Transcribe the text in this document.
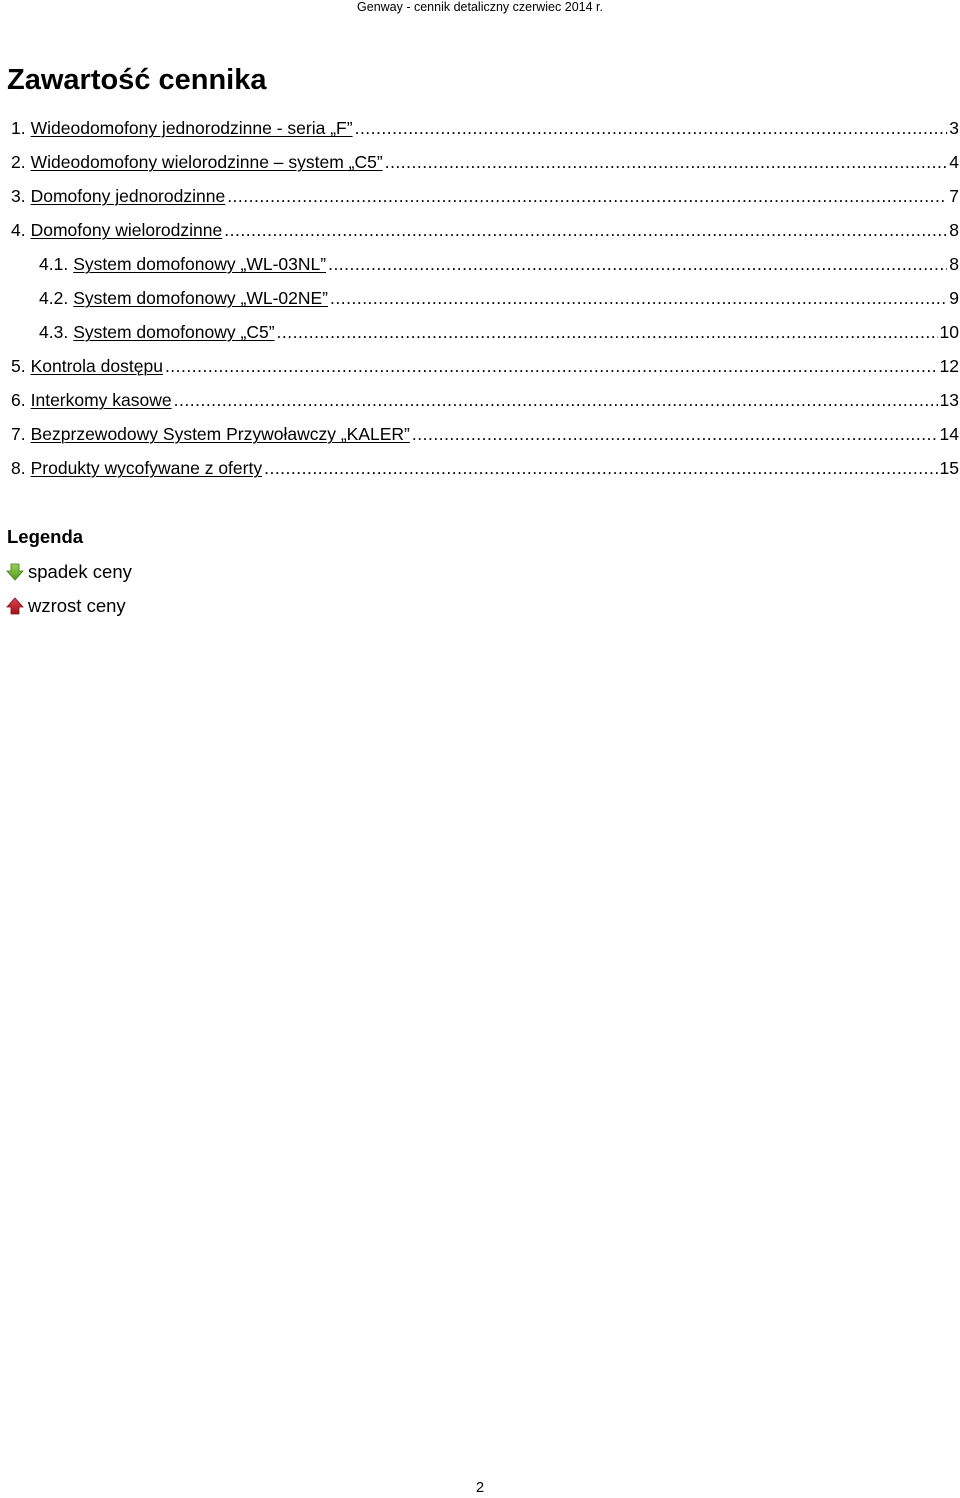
Genway - cennik detaliczny czerwiec 2014 r.
Zawartość cennika
1. Wideodomofony jednorodzinne - seria „F” .....	3
2. Wideodomofony wielorodzinne – system „C5” .....	4
3. Domofony jednorodzinne .....	7
4. Domofony wielorodzinne .....	8
4.1. System domofonowy „WL-03NL” .....	8
4.2. System domofonowy „WL-02NE” .....	9
4.3. System domofonowy „C5” .....	10
5. Kontrola dostępu .....	12
6. Interkomy kasowe .....	13
7. Bezprzewodowy System Przywoławczy „KALER” .....	14
8. Produkty wycofywane z oferty .....	15
Legenda
spadek ceny
wzrost ceny
2
